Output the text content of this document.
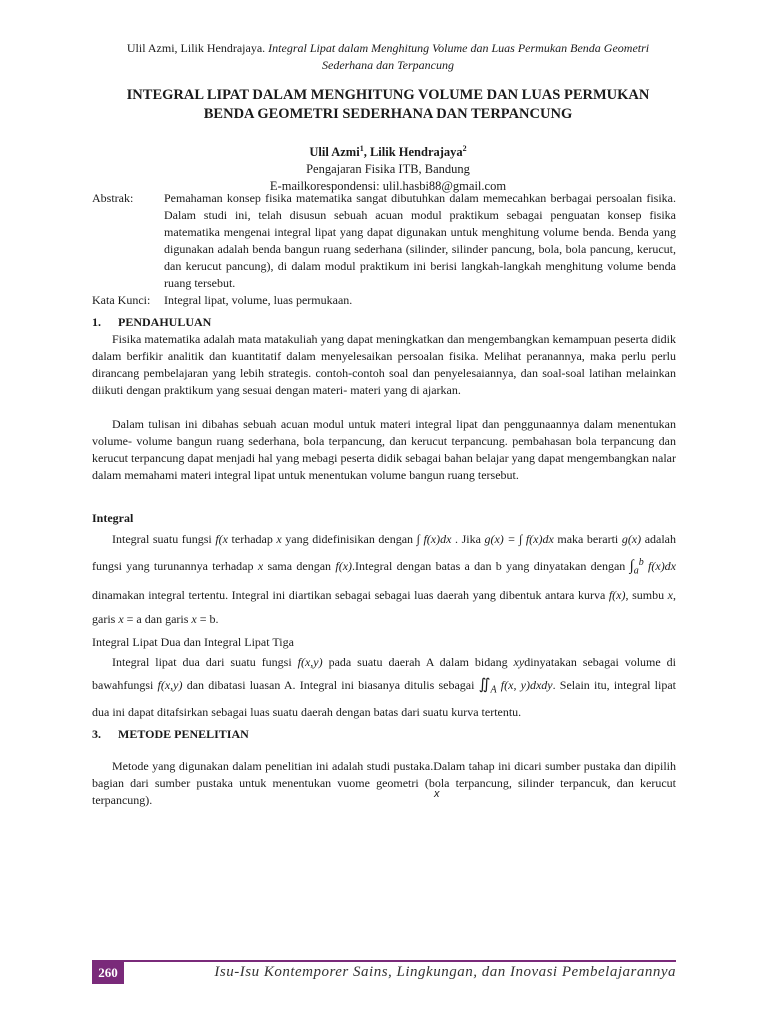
Ulil Azmi, Lilik Hendrajaya. Integral Lipat dalam Menghitung Volume dan Luas Permukan Benda Geometri
Sederhana dan Terpancung
INTEGRAL LIPAT DALAM MENGHITUNG VOLUME DAN LUAS PERMUKAN
BENDA GEOMETRI SEDERHANA DAN TERPANCUNG
Ulil Azmi$^1$, Lilik Hendrajaya$^2$
Pengajaran Fisika ITB, Bandung
E-mailkorespondensi: ulil.hasbi88@gmail.com
Abstrak:	Pemahaman konsep fisika matematika sangat dibutuhkan dalam memecahkan berbagai persoalan fisika. Dalam studi ini, telah disusun sebuah acuan modul praktikum sebagai penguatan konsep fisika matematika mengenai integral lipat yang dapat digunakan untuk menghitung volume benda. Benda yang digunakan adalah benda bangun ruang sederhana (silinder, silinder pancung, bola, bola pancung, kerucut, dan kerucut pancung), di dalam modul praktikum ini berisi langkah-langkah menghitung volume benda ruang tersebut.
Kata Kunci:	Integral lipat, volume, luas permukaan.
1. PENDAHULUAN

Fisika matematika adalah mata matakuliah yang dapat meningkatkan dan mengembangkan kemampuan peserta didik dalam berfikir analitik dan kuantitatif dalam menyelesaikan persoalan fisika. Melihat peranannya, maka perlu perlu dirancang pembelajaran yang lebih strategis. contoh-contoh soal dan penyelesaiannya, dan soal-soal latihan melainkan diikuti dengan praktikum yang sesuai dengan materi- materi yang di ajarkan.

Dalam tulisan ini dibahas sebuah acuan modul untuk materi integral lipat dan penggunaannya dalam menentukan volume- volume bangun ruang sederhana, bola terpancung, dan kerucut terpancung. pembahasan bola terpancung dan kerucut terpancung dapat menjadi hal yang mebagi peserta didik sebagai bahan belajar yang dapat mengembangkan nalar dalam memahami materi integral lipat untuk menentukan volume bangun ruang tersebut.

Integral

Integral suatu fungsi f(x terhadap x yang didefinisikan dengan ∫ f(x)dx . Jika g(x) = ∫ f(x)dx maka berarti g(x) adalah fungsi yang turunannya terhadap x sama dengan f(x).Integral dengan batas a dan b yang dinyatakan dengan $\int_a^b$ f(x)dx dinamakan integral tertentu. Integral ini diartikan sebagai sebagai luas daerah yang dibentuk antara kurva f(x), sumbu x, garis x = a dan garis x = b.

Integral Lipat Dua dan Integral Lipat Tiga

Integral lipat dua dari suatu fungsi f(x,y) pada suatu daerah A dalam bidang xydinyatakan sebagai volume di bawahfungsi f(x,y) dan dibatasi luasan A. Integral ini biasanya ditulis sebagai $∬_A$ f(x, y)dxdy. Selain itu, integral lipat dua ini dapat ditafsirkan sebagai luas suatu daerah dengan batas dari suatu kurva tertentu.

3. METODE PENELITIAN

Metode yang digunakan dalam penelitian ini adalah studi pustaka.Dalam tahap ini dicari sumber pustaka dan dipilih bagian dari sumber pustaka untuk menentukan vuome geometri (bola terpancung, silinder terpancuk, dan kerucut terpancung).	x
260	Isu-Isu Kontemporer Sains, Lingkungan, dan Inovasi Pembelajarannya
